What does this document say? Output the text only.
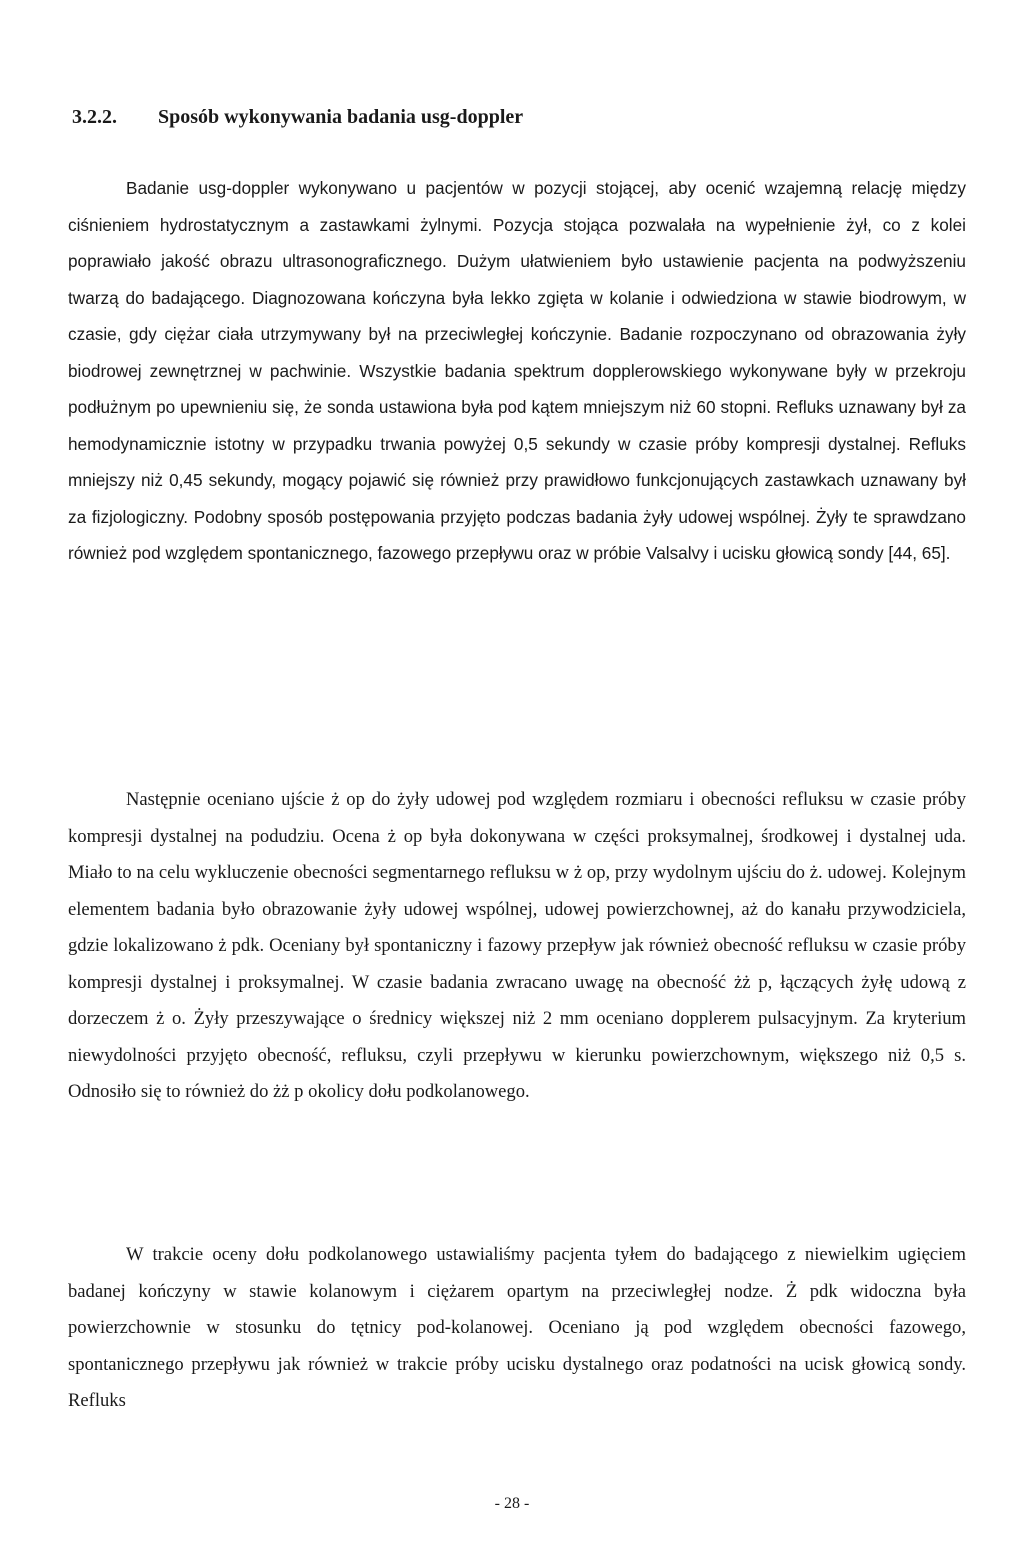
3.2.2. Sposób wykonywania badania usg-doppler

Badanie usg-doppler wykonywano u pacjentów w pozycji stojącej, aby ocenić wzajemną relację między ciśnieniem hydrostatycznym a zastawkami żylnymi. Pozycja stojąca pozwalała na wypełnienie żył, co z kolei poprawiało jakość obrazu ultrasonograficznego. Dużym ułatwieniem było ustawienie pacjenta na podwyższeniu twarzą do badającego. Diagnozowana kończyna była lekko zgięta w kolanie i odwiedziona w stawie biodrowym, w czasie, gdy ciężar ciała utrzymywany był na przeciwległej kończynie. Badanie rozpoczynano od obrazowania żyły biodrowej zewnętrznej w pachwinie. Wszystkie badania spektrum dopplerowskiego wykonywane były w przekroju podłużnym po upewnieniu się, że sonda ustawiona była pod kątem mniejszym niż 60 stopni. Refluks uznawany był za hemodynamicznie istotny w przypadku trwania powyżej 0,5 sekundy w czasie próby kompresji dystalnej. Refluks mniejszy niż 0,45 sekundy, mogący pojawić się również przy prawidłowo funkcjonujących zastawkach uznawany był za fizjologiczny. Podobny sposób postępowania przyjęto podczas badania żyły udowej wspólnej. Żyły te sprawdzano również pod względem spontanicznego, fazowego przepływu oraz w próbie Valsalvy i ucisku głowicą sondy [44, 65].

Następnie oceniano ujście ż op do żyły udowej pod względem rozmiaru i obecności refluksu w czasie próby kompresji dystalnej na podudziu. Ocena ż op była dokonywana w części proksymalnej, środkowej i dystalnej uda. Miało to na celu wykluczenie obecności segmentarnego refluksu w ż op, przy wydolnym ujściu do ż. udowej. Kolejnym elementem badania było obrazowanie żyły udowej wspólnej, udowej powierzchownej, aż do kanału przywodziciela, gdzie lokalizowano ż pdk. Oceniany był spontaniczny i fazowy przepływ jak również obecność refluksu w czasie próby kompresji dystalnej i proksymalnej. W czasie badania zwracano uwagę na obecność żż p, łączących żyłę udową z dorzeczem ż o. Żyły przeszywające o średnicy większej niż 2 mm oceniano dopplerem pulsacyjnym. Za kryterium niewydolności przyjęto obecność, refluksu, czyli przepływu w kierunku powierzchownym, większego niż 0,5 s. Odnosiło się to również do żż p okolicy dołu podkolanowego.

W trakcie oceny dołu podkolanowego ustawialiśmy pacjenta tyłem do badającego z niewielkim ugięciem badanej kończyny w stawie kolanowym i ciężarem opartym na przeciwległej nodze. Ż pdk widoczna była powierzchownie w stosunku do tętnicy pod-kolanowej. Oceniano ją pod względem obecności fazowego, spontanicznego przepływu jak również w trakcie próby ucisku dystalnego oraz podatności na ucisk głowicą sondy. Refluks

- 28 -
